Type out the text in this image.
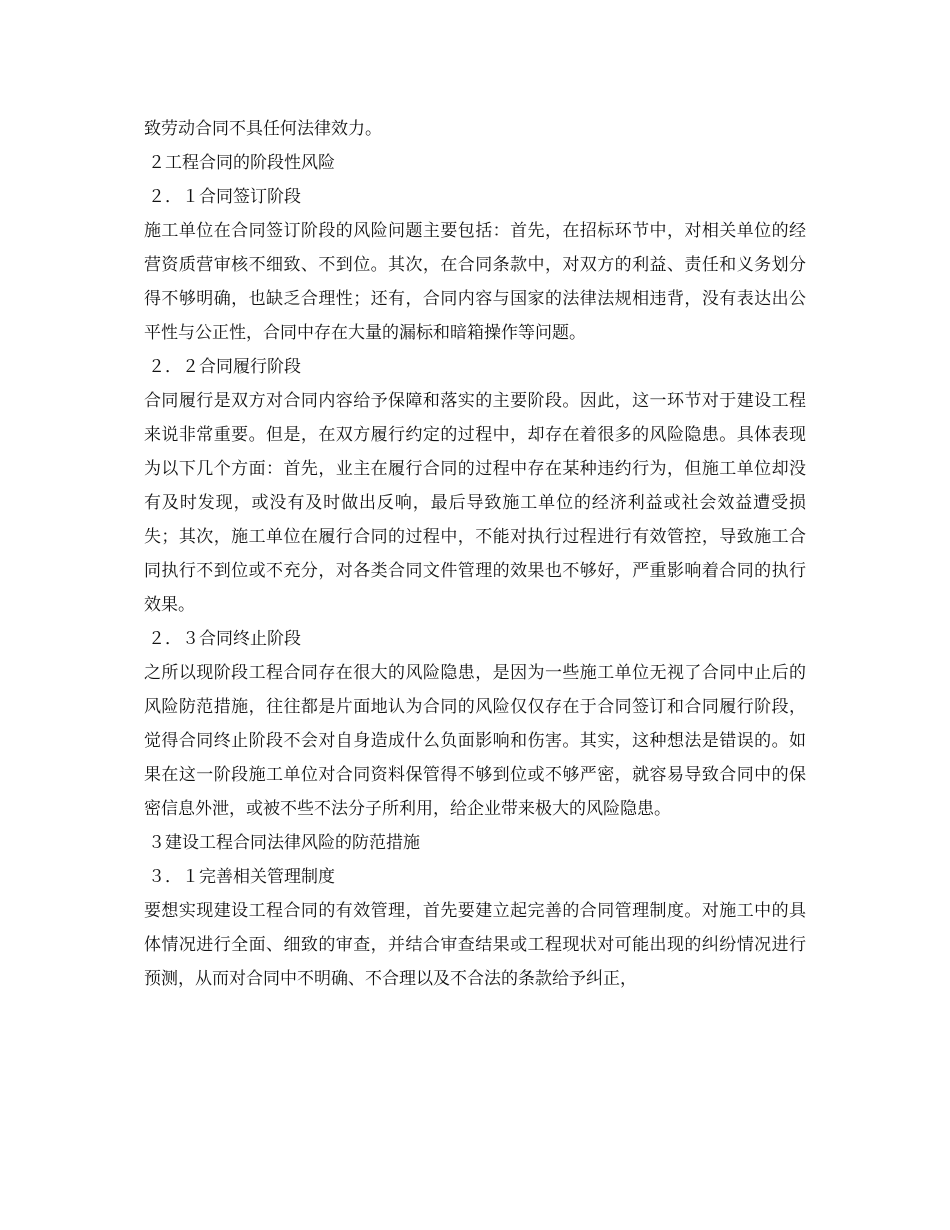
致劳动合同不具任何法律效力。

２工程合同的阶段性风险

２．１合同签订阶段

施工单位在合同签订阶段的风险问题主要包括：首先，在招标环节中，对相关单位的经营资质营审核不细致、不到位。其次，在合同条款中，对双方的利益、责任和义务划分得不够明确，也缺乏合理性；还有，合同内容与国家的法律法规相违背，没有表达出公平性与公正性，合同中存在大量的漏标和暗箱操作等问题。

２．２合同履行阶段

合同履行是双方对合同内容给予保障和落实的主要阶段。因此，这一环节对于建设工程来说非常重要。但是，在双方履行约定的过程中，却存在着很多的风险隐患。具体表现为以下几个方面：首先，业主在履行合同的过程中存在某种违约行为，但施工单位却没有及时发现，或没有及时做出反响，最后导致施工单位的经济利益或社会效益遭受损失；其次，施工单位在履行合同的过程中，不能对执行过程进行有效管控，导致施工合同执行不到位或不充分，对各类合同文件管理的效果也不够好，严重影响着合同的执行效果。

２．３合同终止阶段

之所以现阶段工程合同存在很大的风险隐患，是因为一些施工单位无视了合同中止后的风险防范措施，往往都是片面地认为合同的风险仅仅存在于合同签订和合同履行阶段，觉得合同终止阶段不会对自身造成什么负面影响和伤害。其实，这种想法是错误的。如果在这一阶段施工单位对合同资料保管得不够到位或不够严密，就容易导致合同中的保密信息外泄，或被不些不法分子所利用，给企业带来极大的风险隐患。

３建设工程合同法律风险的防范措施

３．１完善相关管理制度

要想实现建设工程合同的有效管理，首先要建立起完善的合同管理制度。对施工中的具体情况进行全面、细致的审查，并结合审查结果或工程现状对可能出现的纠纷情况进行预测，从而对合同中不明确、不合理以及不合法的条款给予纠正，
